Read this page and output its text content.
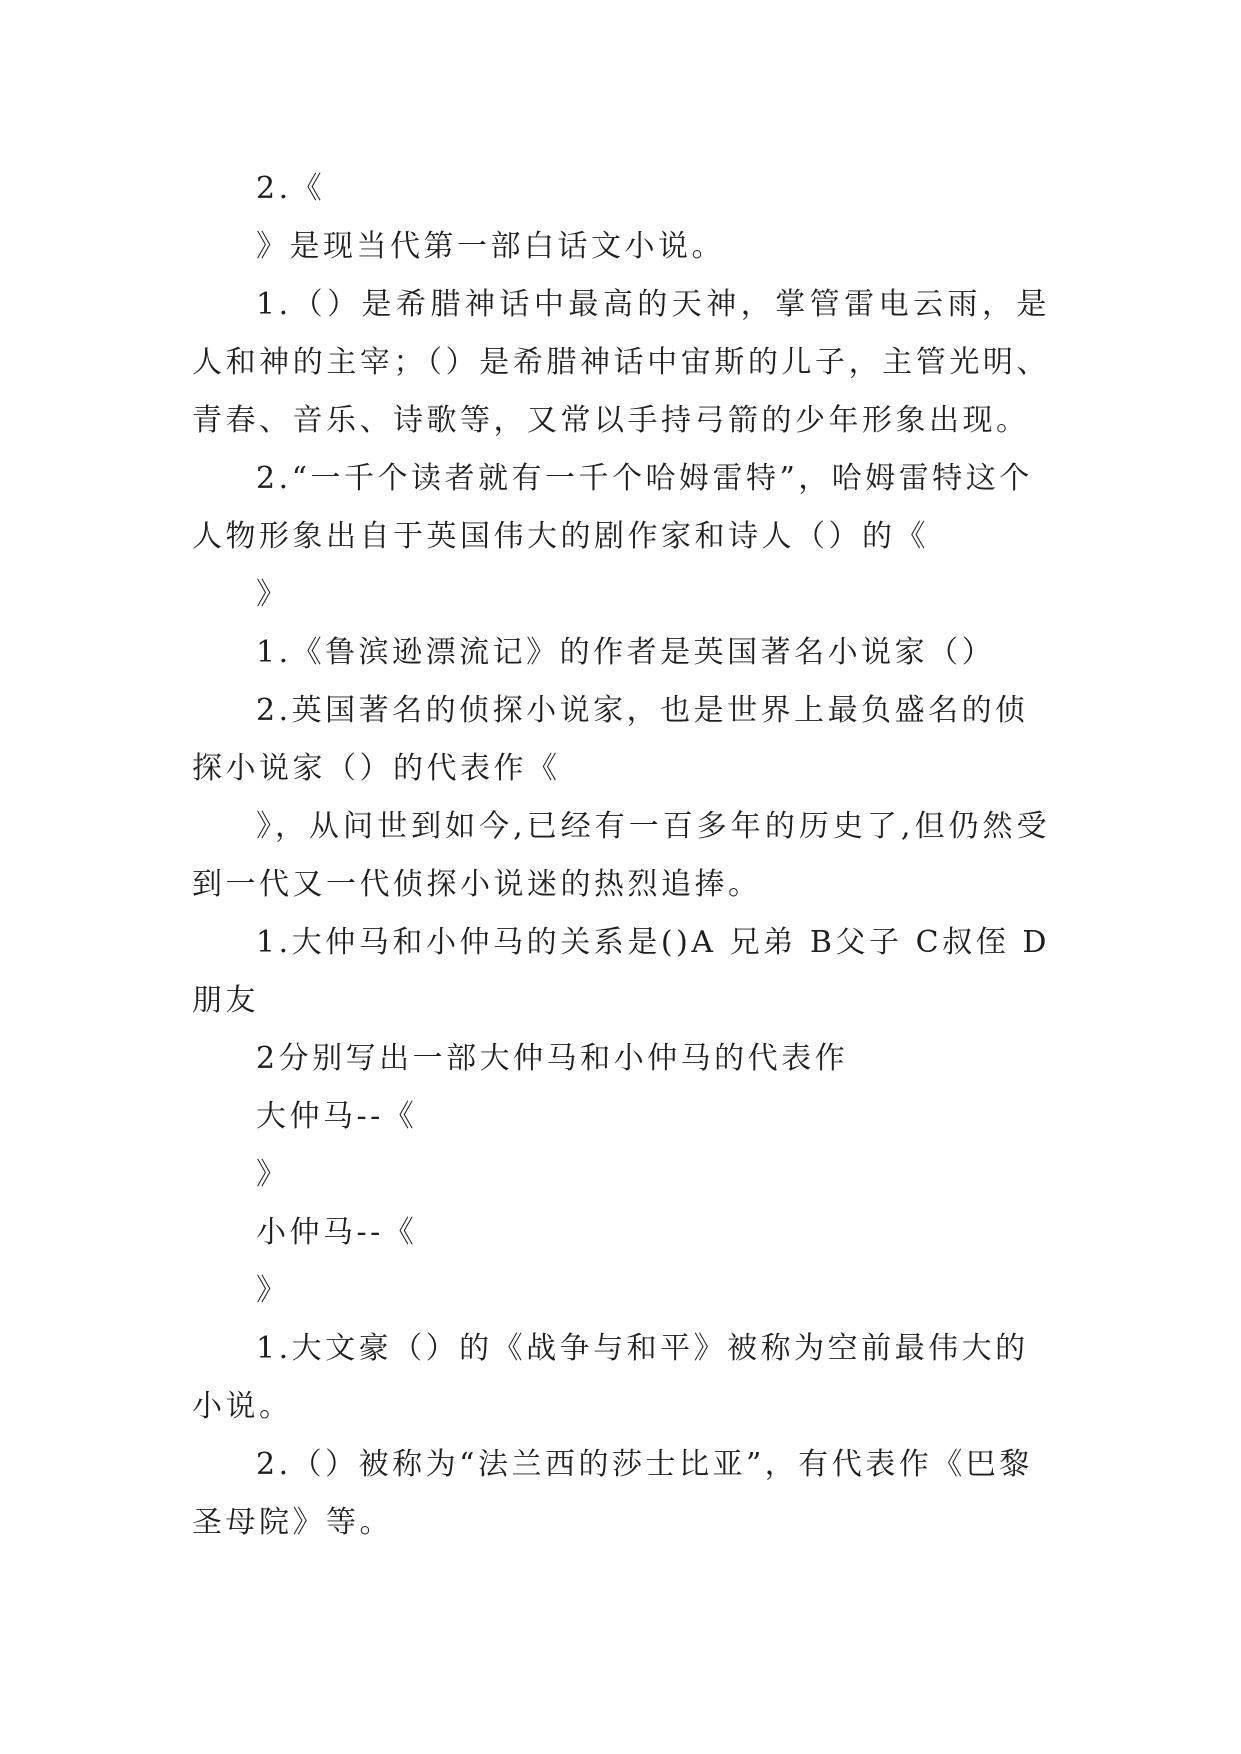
2.《

》是现当代第一部白话文小说。

1.（）是希腊神话中最高的天神，掌管雷电云雨，是人和神的主宰；（）是希腊神话中宙斯的儿子，主管光明、青春、音乐、诗歌等，又常以手持弓箭的少年形象出现。

2.“一千个读者就有一千个哈姆雷特”，哈姆雷特这个人物形象出自于英国伟大的剧作家和诗人（）的《

》

1.《鲁滨逊漂流记》的作者是英国著名小说家（）

2.英国著名的侦探小说家，也是世界上最负盛名的侦探小说家（）的代表作《

》，从问世到如今,已经有一百多年的历史了,但仍然受到一代又一代侦探小说迷的热烈追捧。

1.大仲马和小仲马的关系是()A 兄弟 B父子 C叔侄 D朋友

2分别写出一部大仲马和小仲马的代表作

大仲马--《

》

小仲马--《

》

1.大文豪（）的《战争与和平》被称为空前最伟大的小说。

2.（）被称为“法兰西的莎士比亚”，有代表作《巴黎圣母院》等。
